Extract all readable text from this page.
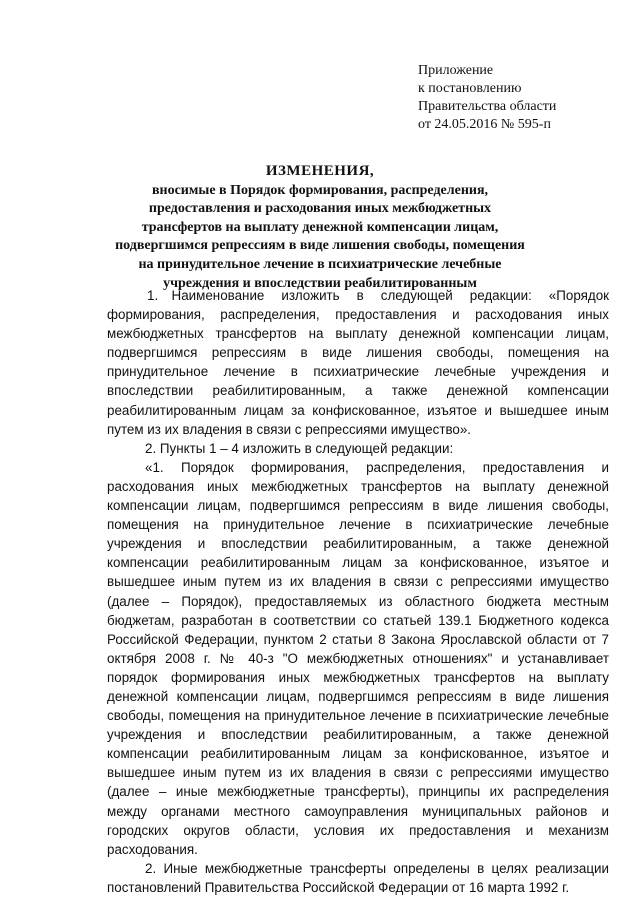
Приложение
к постановлению
Правительства области
от 24.05.2016 № 595-п
ИЗМЕНЕНИЯ,
вносимые в Порядок формирования, распределения, предоставления и расходования иных межбюджетных трансфертов на выплату денежной компенсации лицам, подвергшимся репрессиям в виде лишения свободы, помещения на принудительное лечение в психиатрические лечебные учреждения и впоследствии реабилитированным

1. Наименование изложить в следующей редакции: «Порядок формирования, распределения, предоставления и расходования иных межбюджетных трансфертов на выплату денежной компенсации лицам, подвергшимся репрессиям в виде лишения свободы, помещения на принудительное лечение в психиатрические лечебные учреждения и впоследствии реабилитированным, а также денежной компенсации реабилитированным лицам за конфискованное, изъятое и вышедшее иным путем из их владения в связи с репрессиями имущество».

2. Пункты 1 – 4 изложить в следующей редакции:

«1. Порядок формирования, распределения, предоставления и расходования иных межбюджетных трансфертов на выплату денежной компенсации лицам, подвергшимся репрессиям в виде лишения свободы, помещения на принудительное лечение в психиатрические лечебные учреждения и впоследствии реабилитированным, а также денежной компенсации реабилитированным лицам за конфискованное, изъятое и вышедшее иным путем из их владения в связи с репрессиями имущество (далее – Порядок), предоставляемых из областного бюджета местным бюджетам, разработан в соответствии со статьей 139.1 Бюджетного кодекса Российской Федерации, пунктом 2 статьи 8 Закона Ярославской области от 7 октября 2008 г. № 40-з "О межбюджетных отношениях" и устанавливает порядок формирования иных межбюджетных трансфертов на выплату денежной компенсации лицам, подвергшимся репрессиям в виде лишения свободы, помещения на принудительное лечение в психиатрические лечебные учреждения и впоследствии реабилитированным, а также денежной компенсации реабилитированным лицам за конфискованное, изъятое и вышедшее иным путем из их владения в связи с репрессиями имущество (далее – иные межбюджетные трансферты), принципы их распределения между органами местного самоуправления муниципальных районов и городских округов области, условия их предоставления и механизм расходования.

2. Иные межбюджетные трансферты определены в целях реализации постановлений Правительства Российской Федерации от 16 марта 1992 г.
